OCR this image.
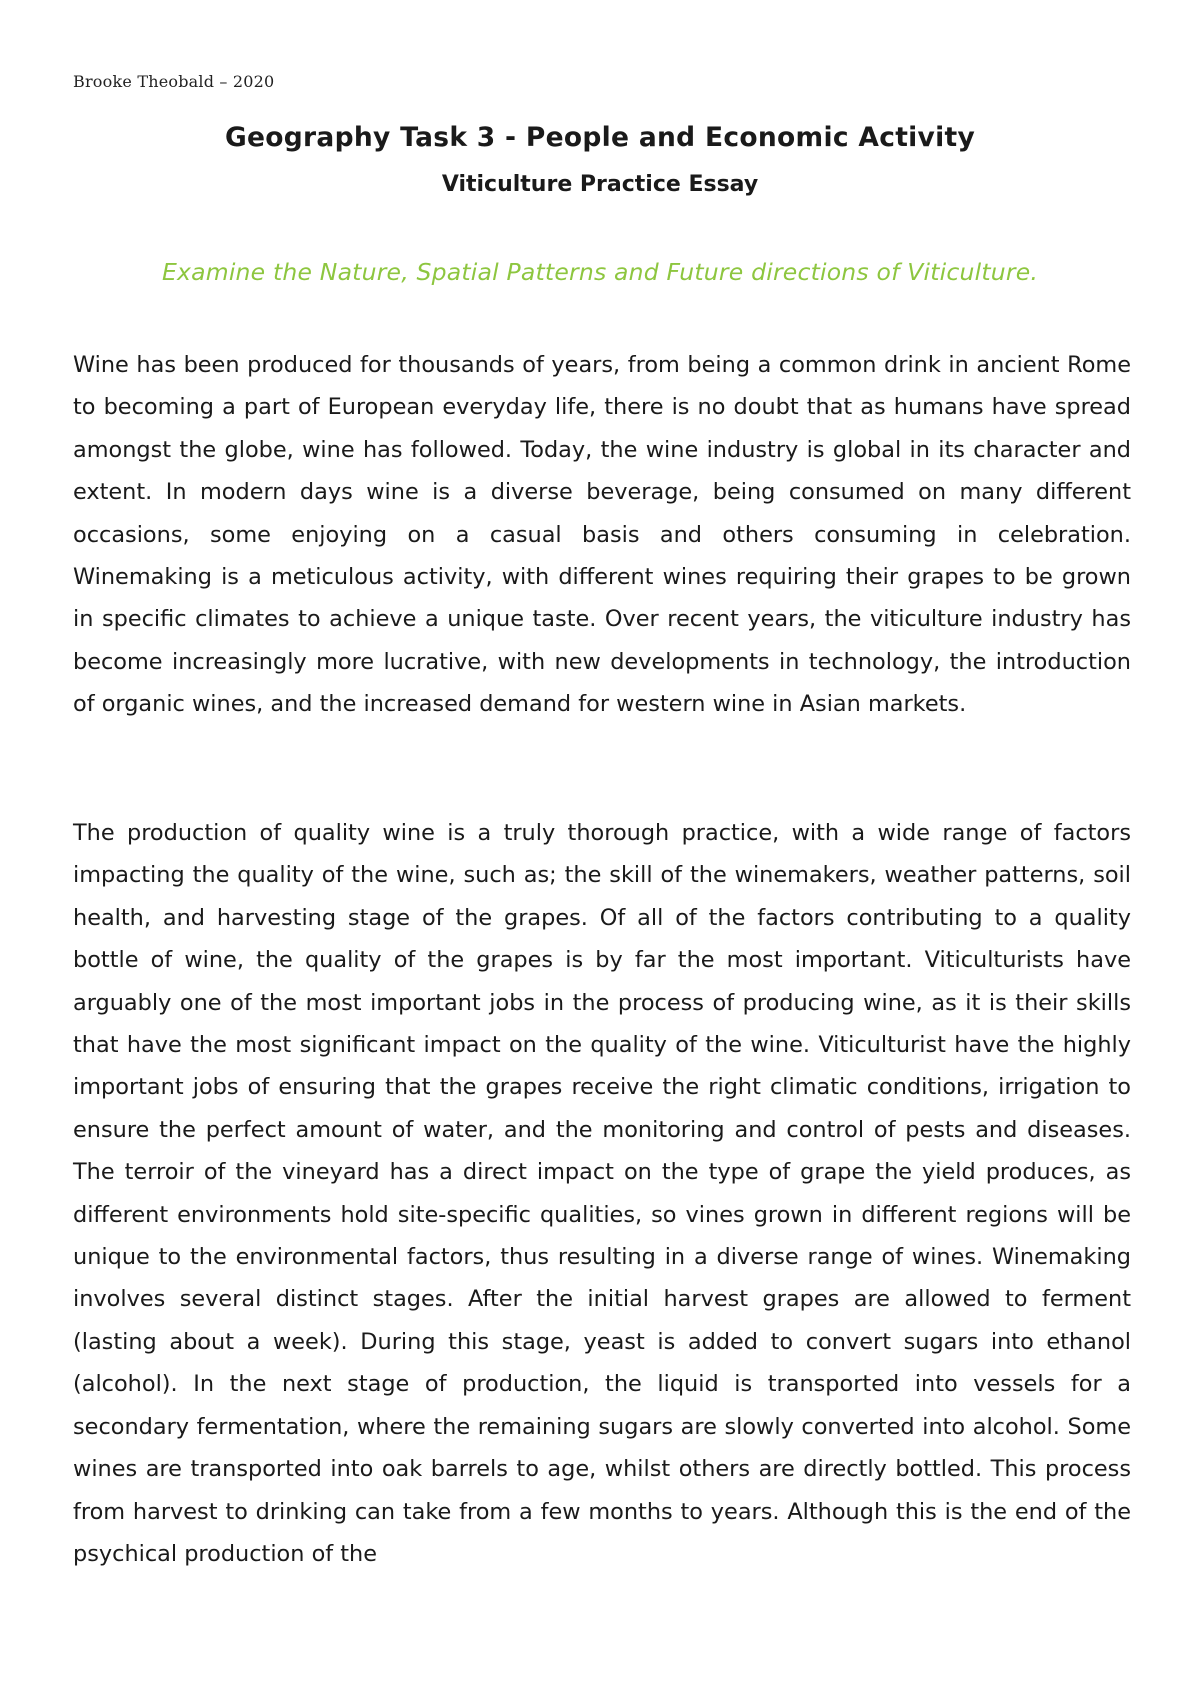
Brooke Theobald – 2020
Geography Task 3 - People and Economic Activity
Viticulture Practice Essay
Examine the Nature, Spatial Patterns and Future directions of Viticulture.

Wine has been produced for thousands of years, from being a common drink in ancient Rome to becoming a part of European everyday life, there is no doubt that as humans have spread amongst the globe, wine has followed. Today, the wine industry is global in its character and extent. In modern days wine is a diverse beverage, being consumed on many different occasions, some enjoying on a casual basis and others consuming in celebration. Winemaking is a meticulous activity, with different wines requiring their grapes to be grown in specific climates to achieve a unique taste. Over recent years, the viticulture industry has become increasingly more lucrative, with new developments in technology, the introduction of organic wines, and the increased demand for western wine in Asian markets.

The production of quality wine is a truly thorough practice, with a wide range of factors impacting the quality of the wine, such as; the skill of the winemakers, weather patterns, soil health, and harvesting stage of the grapes. Of all of the factors contributing to a quality bottle of wine, the quality of the grapes is by far the most important. Viticulturists have arguably one of the most important jobs in the process of producing wine, as it is their skills that have the most significant impact on the quality of the wine. Viticulturist have the highly important jobs of ensuring that the grapes receive the right climatic conditions, irrigation to ensure the perfect amount of water, and the monitoring and control of pests and diseases. The terroir of the vineyard has a direct impact on the type of grape the yield produces, as different environments hold site-specific qualities, so vines grown in different regions will be unique to the environmental factors, thus resulting in a diverse range of wines. Winemaking involves several distinct stages. After the initial harvest grapes are allowed to ferment (lasting about a week). During this stage, yeast is added to convert sugars into ethanol (alcohol). In the next stage of production, the liquid is transported into vessels for a secondary fermentation, where the remaining sugars are slowly converted into alcohol. Some wines are transported into oak barrels to age, whilst others are directly bottled. This process from harvest to drinking can take from a few months to years. Although this is the end of the psychical production of the
